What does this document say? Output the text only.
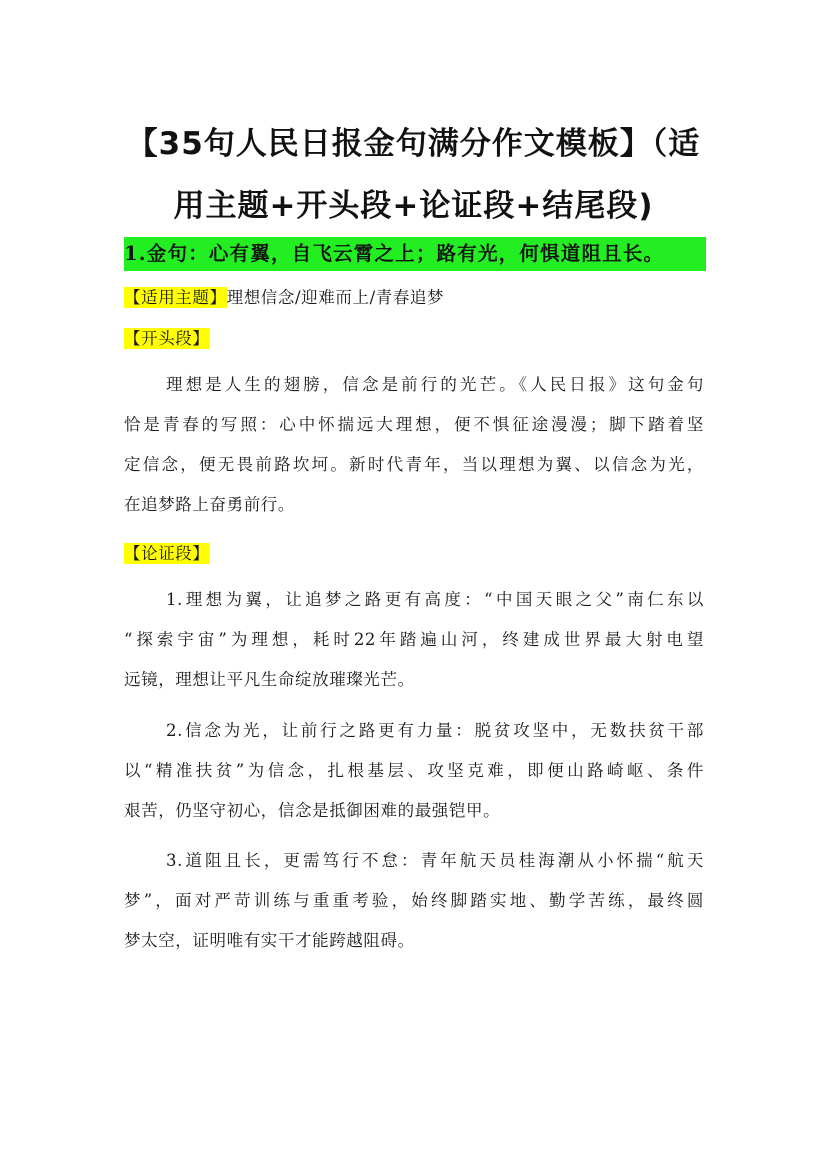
【35句人民日报金句满分作文模板】（适
用主题+开头段+论证段+结尾段)
1.金句：心有翼，自飞云霄之上；路有光，何惧道阻且长。
【适用主题】理想信念/迎难而上/青春追梦
【开头段】
理想是人生的翅膀，信念是前行的光芒。《人民日报》这句金句
恰是青春的写照：心中怀揣远大理想，便不惧征途漫漫；脚下踏着坚
定信念，便无畏前路坎坷。新时代青年，当以理想为翼、以信念为光，
在追梦路上奋勇前行。
【论证段】
1.理想为翼，让追梦之路更有高度：“中国天眼之父”南仁东以
“探索宇宙”为理想，耗时22年踏遍山河，终建成世界最大射电望
远镜，理想让平凡生命绽放璀璨光芒。
2.信念为光，让前行之路更有力量：脱贫攻坚中，无数扶贫干部
以“精准扶贫”为信念，扎根基层、攻坚克难，即便山路崎岖、条件
艰苦，仍坚守初心，信念是抵御困难的最强铠甲。
3.道阻且长，更需笃行不怠：青年航天员桂海潮从小怀揣“航天
梦”，面对严苛训练与重重考验，始终脚踏实地、勤学苦练，最终圆
梦太空，证明唯有实干才能跨越阻碍。
